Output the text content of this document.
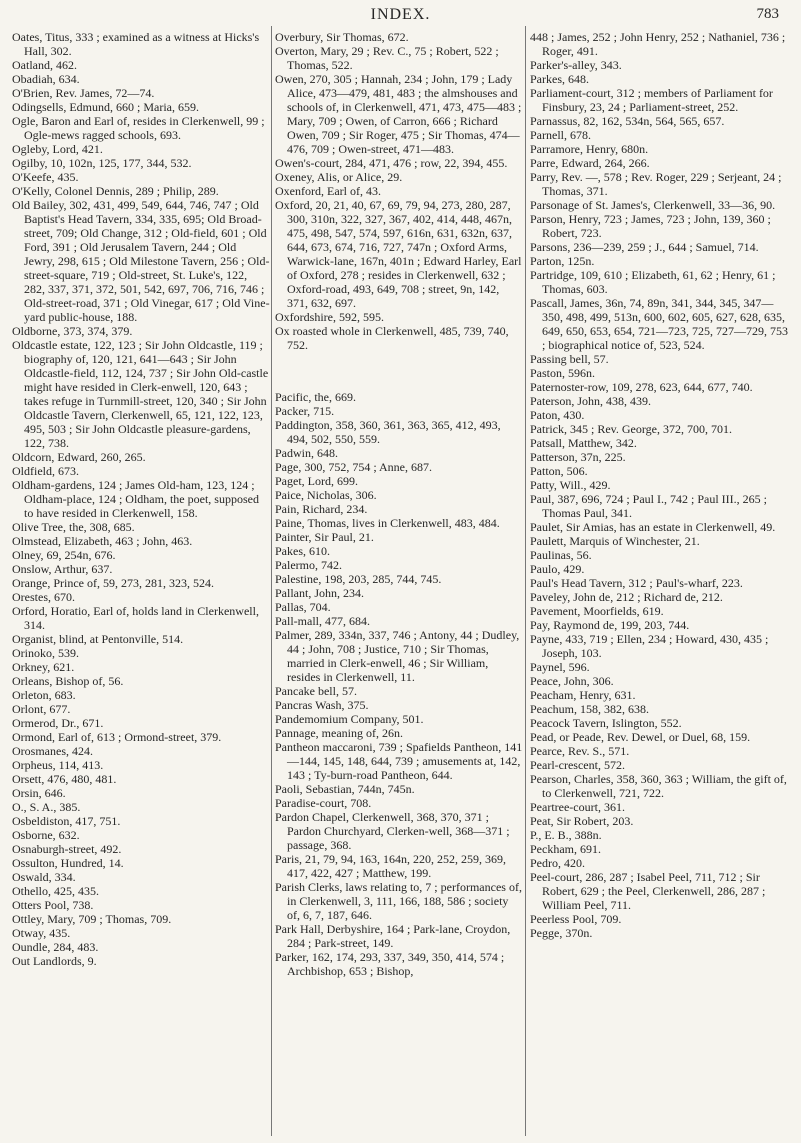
INDEX.	783

Oates, Titus, 333 ; examined as a witness at Hicks's Hall, 302.

Oatland, 462.

Obadiah, 634.

O'Brien, Rev. James, 72—74.

Odingsells, Edmund, 660 ; Maria, 659.

Ogle, Baron and Earl of, resides in Clerkenwell, 99 ; Ogle-mews ragged schools, 693.

Ogleby, Lord, 421.

Ogilby, 10, 102n, 125, 177, 344, 532.

O'Keefe, 435.

O'Kelly, Colonel Dennis, 289 ; Philip, 289.

Old Bailey, 302, 431, 499, 549, 644, 746, 747 ; Old Baptist's Head Tavern, 334, 335, 695; Old Broad-street, 709; Old Change, 312 ; Old-field, 601 ; Old Ford, 391 ; Old Jerusalem Tavern, 244 ; Old Jewry, 298, 615 ; Old Milestone Tavern, 256 ; Old-street-square, 719 ; Old-street, St. Luke's, 122, 282, 337, 371, 372, 501, 542, 697, 706, 716, 746 ; Old-street-road, 371 ; Old Vinegar, 617 ; Old Vine-yard public-house, 188.

Oldborne, 373, 374, 379.

Oldcastle estate, 122, 123 ; Sir John Oldcastle, 119 ; biography of, 120, 121, 641—643 ; Sir John Oldcastle-field, 112, 124, 737 ; Sir John Old-castle might have resided in Clerk-enwell, 120, 643 ; takes refuge in Turnmill-street, 120, 340 ; Sir John Oldcastle Tavern, Clerkenwell, 65, 121, 122, 123, 495, 503 ; Sir John Oldcastle pleasure-gardens, 122, 738.

Oldcorn, Edward, 260, 265.

Oldfield, 673.

Oldham-gardens, 124 ; James Old-ham, 123, 124 ; Oldham-place, 124 ; Oldham, the poet, supposed to have resided in Clerkenwell, 158.

Olive Tree, the, 308, 685.

Olmstead, Elizabeth, 463 ; John, 463.

Olney, 69, 254n, 676.

Onslow, Arthur, 637.

Orange, Prince of, 59, 273, 281, 323, 524.

Orestes, 670.

Orford, Horatio, Earl of, holds land in Clerkenwell, 314.

Organist, blind, at Pentonville, 514.

Orinoko, 539.

Orkney, 621.

Orleans, Bishop of, 56.

Orleton, 683.

Orlont, 677.

Ormerod, Dr., 671.

Ormond, Earl of, 613 ; Ormond-street, 379.

Orosmanes, 424.

Orpheus, 114, 413.

Orsett, 476, 480, 481.

Orsin, 646.

O., S. A., 385.

Osbeldiston, 417, 751.

Osborne, 632.

Osnaburgh-street, 492.

Ossulton, Hundred, 14.

Oswald, 334.

Othello, 425, 435.

Otters Pool, 738.

Ottley, Mary, 709 ; Thomas, 709.

Otway, 435.

Oundle, 284, 483.

Out Landlords, 9.

Overbury, Sir Thomas, 672.

Overton, Mary, 29 ; Rev. C., 75 ; Robert, 522 ; Thomas, 522.

Owen, 270, 305 ; Hannah, 234 ; John, 179 ; Lady Alice, 473—479, 481, 483 ; the almshouses and schools of, in Clerkenwell, 471, 473, 475—483 ; Mary, 709 ; Owen, of Carron, 666 ; Richard Owen, 709 ; Sir Roger, 475 ; Sir Thomas, 474—476, 709 ; Owen-street, 471—483.

Owen's-court, 284, 471, 476 ; row, 22, 394, 455.

Oxeney, Alis, or Alice, 29.

Oxenford, Earl of, 43.

Oxford, 20, 21, 40, 67, 69, 79, 94, 273, 280, 287, 300, 310n, 322, 327, 367, 402, 414, 448, 467n, 475, 498, 547, 574, 597, 616n, 631, 632n, 637, 644, 673, 674, 716, 727, 747n ; Oxford Arms, Warwick-lane, 167n, 401n ; Edward Harley, Earl of Oxford, 278 ; resides in Clerkenwell, 632 ; Oxford-road, 493, 649, 708 ; street, 9n, 142, 371, 632, 697.

Oxfordshire, 592, 595.

Ox roasted whole in Clerkenwell, 485, 739, 740, 752.

Pacific, the, 669.

Packer, 715.

Paddington, 358, 360, 361, 363, 365, 412, 493, 494, 502, 550, 559.

Padwin, 648.

Page, 300, 752, 754 ; Anne, 687.

Paget, Lord, 699.

Paice, Nicholas, 306.

Pain, Richard, 234.

Paine, Thomas, lives in Clerkenwell, 483, 484.

Painter, Sir Paul, 21.

Pakes, 610.

Palermo, 742.

Palestine, 198, 203, 285, 744, 745.

Pallant, John, 234.

Pallas, 704.

Pall-mall, 477, 684.

Palmer, 289, 334n, 337, 746 ; Antony, 44 ; Dudley, 44 ; John, 708 ; Justice, 710 ; Sir Thomas, married in Clerk-enwell, 46 ; Sir William, resides in Clerkenwell, 11.

Pancake bell, 57.

Pancras Wash, 375.

Pandemomium Company, 501.

Pannage, meaning of, 26n.

Pantheon maccaroni, 739 ; Spafields Pantheon, 141—144, 145, 148, 644, 739 ; amusements at, 142, 143 ; Ty-burn-road Pantheon, 644.

Paoli, Sebastian, 744n, 745n.

Paradise-court, 708.

Pardon Chapel, Clerkenwell, 368, 370, 371 ; Pardon Churchyard, Clerken-well, 368—371 ; passage, 368.

Paris, 21, 79, 94, 163, 164n, 220, 252, 259, 369, 417, 422, 427 ; Matthew, 199.

Parish Clerks, laws relating to, 7 ; performances of, in Clerkenwell, 3, 111, 166, 188, 586 ; society of, 6, 7, 187, 646.

Park Hall, Derbyshire, 164 ; Park-lane, Croydon, 284 ; Park-street, 149.

Parker, 162, 174, 293, 337, 349, 350, 414, 574 ; Archbishop, 653 ; Bishop,

448 ; James, 252 ; John Henry, 252 ; Nathaniel, 736 ; Roger, 491.

Parker's-alley, 343.

Parkes, 648.

Parliament-court, 312 ; members of Parliament for Finsbury, 23, 24 ; Parliament-street, 252.

Parnassus, 82, 162, 534n, 564, 565, 657.

Parnell, 678.

Parramore, Henry, 680n.

Parre, Edward, 264, 266.

Parry, Rev. —, 578 ; Rev. Roger, 229 ; Serjeant, 24 ; Thomas, 371.

Parsonage of St. James's, Clerkenwell, 33—36, 90.

Parson, Henry, 723 ; James, 723 ; John, 139, 360 ; Robert, 723.

Parsons, 236—239, 259 ; J., 644 ; Samuel, 714.

Parton, 125n.

Partridge, 109, 610 ; Elizabeth, 61, 62 ; Henry, 61 ; Thomas, 603.

Pascall, James, 36n, 74, 89n, 341, 344, 345, 347—350, 498, 499, 513n, 600, 602, 605, 627, 628, 635, 649, 650, 653, 654, 721—723, 725, 727—729, 753 ; biographical notice of, 523, 524.

Passing bell, 57.

Paston, 596n.

Paternoster-row, 109, 278, 623, 644, 677, 740.

Paterson, John, 438, 439.

Paton, 430.

Patrick, 345 ; Rev. George, 372, 700, 701.

Patsall, Matthew, 342.

Patterson, 37n, 225.

Patton, 506.

Patty, Will., 429.

Paul, 387, 696, 724 ; Paul I., 742 ; Paul III., 265 ; Thomas Paul, 341.

Paulet, Sir Amias, has an estate in Clerkenwell, 49.

Paulett, Marquis of Winchester, 21.

Paulinas, 56.

Paulo, 429.

Paul's Head Tavern, 312 ; Paul's-wharf, 223.

Paveley, John de, 212 ; Richard de, 212.

Pavement, Moorfields, 619.

Pay, Raymond de, 199, 203, 744.

Payne, 433, 719 ; Ellen, 234 ; Howard, 430, 435 ; Joseph, 103.

Paynel, 596.

Peace, John, 306.

Peacham, Henry, 631.

Peachum, 158, 382, 638.

Peacock Tavern, Islington, 552.

Pead, or Peade, Rev. Dewel, or Duel, 68, 159.

Pearce, Rev. S., 571.

Pearl-crescent, 572.

Pearson, Charles, 358, 360, 363 ; William, the gift of, to Clerkenwell, 721, 722.

Peartree-court, 361.

Peat, Sir Robert, 203.

P., E. B., 388n.

Peckham, 691.

Pedro, 420.

Peel-court, 286, 287 ; Isabel Peel, 711, 712 ; Sir Robert, 629 ; the Peel, Clerkenwell, 286, 287 ; William Peel, 711.

Peerless Pool, 709.

Pegge, 370n.
